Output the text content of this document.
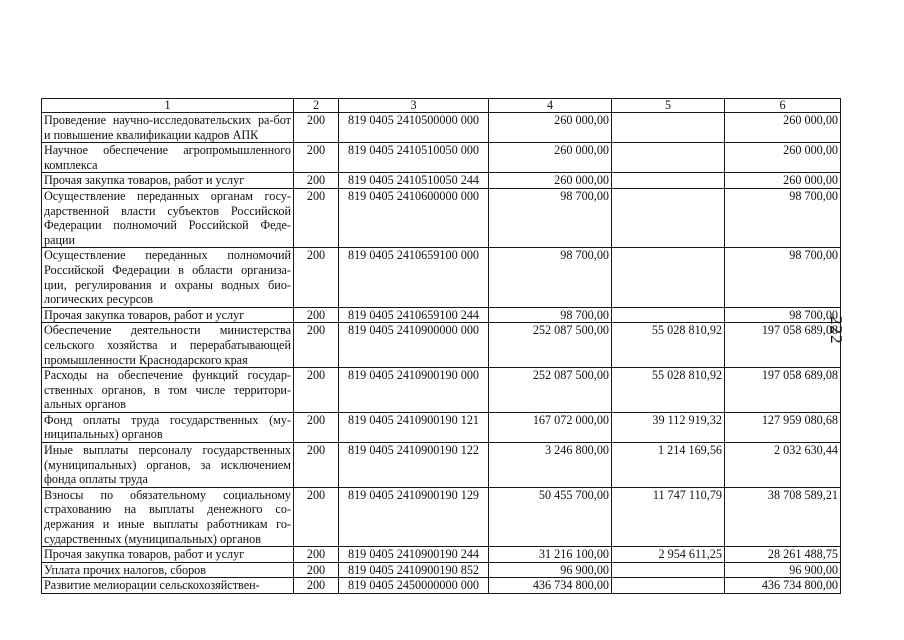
1	2	3	4	5	6
Проведение научно-исследовательских ра-бот и повышение квалификации кадров АПК	200	819 0405 2410500000 000	260 000,00		260 000,00
Научное обеспечение агропромышленного комплекса	200	819 0405 2410510050 000	260 000,00		260 000,00
Прочая закупка товаров, работ и услуг	200	819 0405 2410510050 244	260 000,00		260 000,00
Осуществление переданных органам госу-дарственной власти субъектов Российской Федерации полномочий Российской Феде-рации	200	819 0405 2410600000 000	98 700,00		98 700,00
Осуществление переданных полномочий Российской Федерации в области организа-ции, регулирования и охраны водных био-логических ресурсов	200	819 0405 2410659100 000	98 700,00		98 700,00
Прочая закупка товаров, работ и услуг	200	819 0405 2410659100 244	98 700,00		98 700,00
Обеспечение деятельности министерства сельского хозяйства и перерабатывающей промышленности Краснодарского края	200	819 0405 2410900000 000	252 087 500,00	55 028 810,92	197 058 689,08
Расходы на обеспечение функций государ-ственных органов, в том числе территори-альных органов	200	819 0405 2410900190 000	252 087 500,00	55 028 810,92	197 058 689,08
Фонд оплаты труда государственных (му-ниципальных) органов	200	819 0405 2410900190 121	167 072 000,00	39 112 919,32	127 959 080,68
Иные выплаты персоналу государственных (муниципальных) органов, за исключением фонда оплаты труда	200	819 0405 2410900190 122	3 246 800,00	1 214 169,56	2 032 630,44
Взносы по обязательному социальному страхованию на выплаты денежного со-держания и иные выплаты работникам го-сударственных (муниципальных) органов	200	819 0405 2410900190 129	50 455 700,00	11 747 110,79	38 708 589,21
Прочая закупка товаров, работ и услуг	200	819 0405 2410900190 244	31 216 100,00	2 954 611,25	28 261 488,75
Уплата прочих налогов, сборов	200	819 0405 2410900190 852	96 900,00		96 900,00
Развитие мелиорации сельскохозяйствен-	200	819 0405 2450000000 000	436 734 800,00		436 734 800,00
222
